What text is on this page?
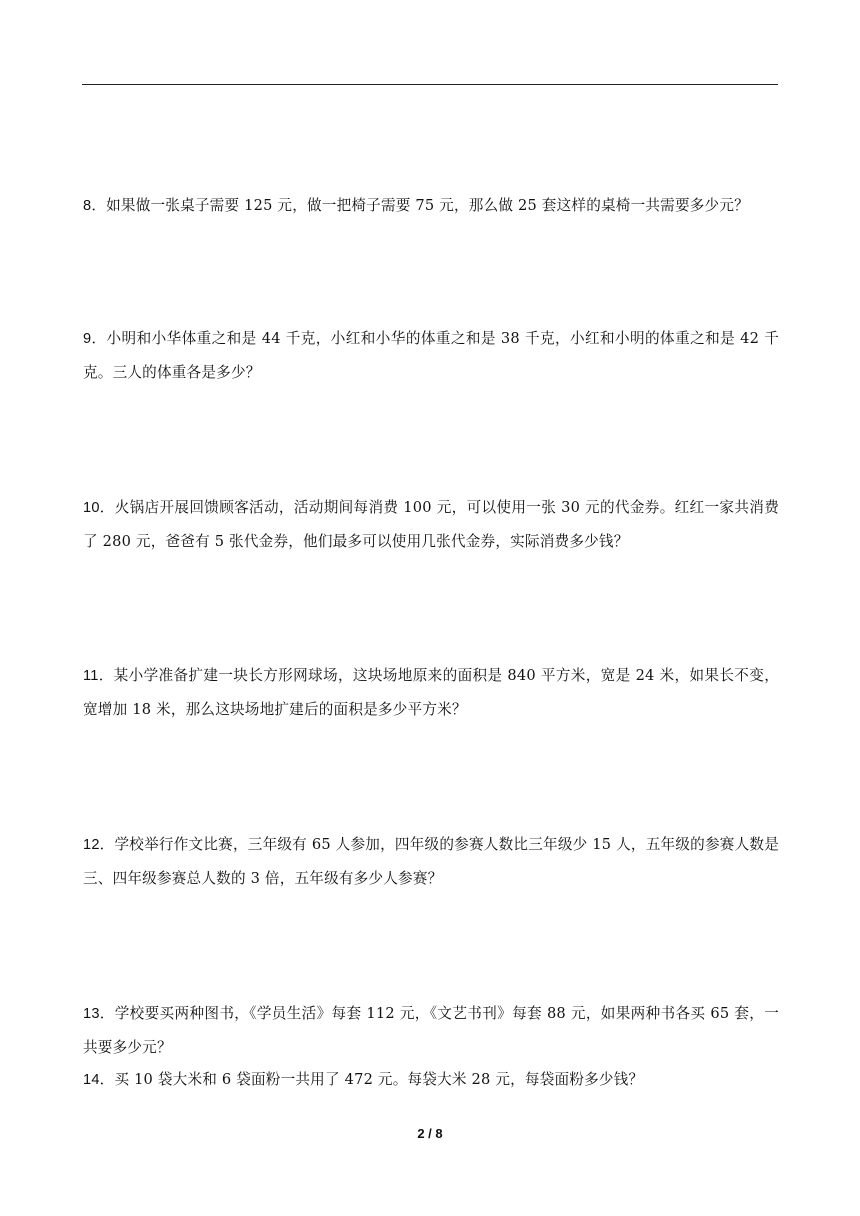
8．如果做一张桌子需要 125 元，做一把椅子需要 75 元，那么做 25 套这样的桌椅一共需要多少元？

9．小明和小华体重之和是 44 千克，小红和小华的体重之和是 38 千克，小红和小明的体重之和是 42 千克。三人的体重各是多少？

10．火锅店开展回馈顾客活动，活动期间每消费 100 元，可以使用一张 30 元的代金券。红红一家共消费了 280 元，爸爸有 5 张代金券，他们最多可以使用几张代金券，实际消费多少钱？

11．某小学准备扩建一块长方形网球场，这块场地原来的面积是 840 平方米，宽是 24 米，如果长不变，宽增加 18 米，那么这块场地扩建后的面积是多少平方米？

12．学校举行作文比赛，三年级有 65 人参加，四年级的参赛人数比三年级少 15 人，五年级的参赛人数是三、四年级参赛总人数的 3 倍，五年级有多少人参赛？

13．学校要买两种图书，《学员生活》每套 112 元，《文艺书刊》每套 88 元，如果两种书各买 65 套，一共要多少元？

14．买 10 袋大米和 6 袋面粉一共用了 472 元。每袋大米 28 元，每袋面粉多少钱？

2 / 8
